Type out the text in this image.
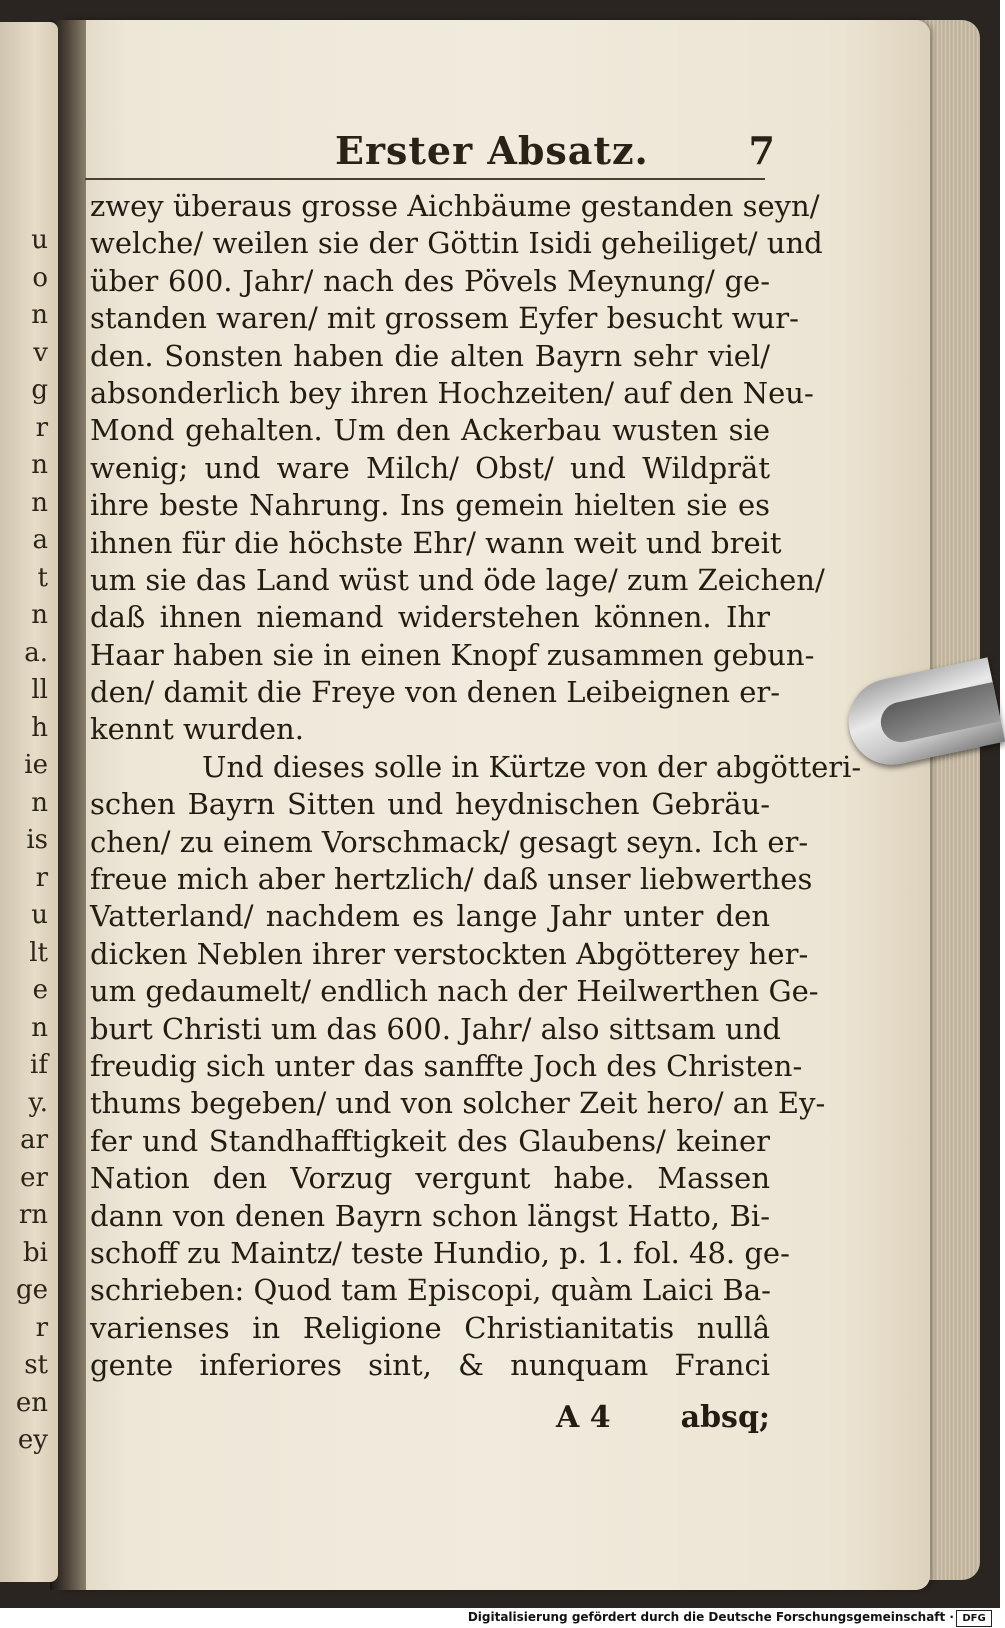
u
o
n
v
g
r
n
n
a
t
n
a.
ll
h
ie
n
is
r
u
lt
e
n
if
y.
ar
er
rn
bi
ge
r
st
en
ey
Erster Absatz.	7
zwey überaus grosse Aichbäume gestanden seyn/
welche/ weilen sie der Göttin Isidi geheiliget/ und
über 600. Jahr/ nach des Pövels Meynung/ ge-
standen waren/ mit grossem Eyfer besucht wur-
den. Sonsten haben die alten Bayrn sehr viel/
absonderlich bey ihren Hochzeiten/ auf den Neu-
Mond gehalten. Um den Ackerbau wusten sie
wenig; und ware Milch/ Obst/ und Wildprät
ihre beste Nahrung. Ins gemein hielten sie es
ihnen für die höchste Ehr/ wann weit und breit
um sie das Land wüst und öde lage/ zum Zeichen/
daß ihnen niemand widerstehen können. Ihr
Haar haben sie in einen Knopf zusammen gebun-
den/ damit die Freye von denen Leibeignen er-
kennt wurden.
Und dieses solle in Kürtze von der abgötteri-
schen Bayrn Sitten und heydnischen Gebräu-
chen/ zu einem Vorschmack/ gesagt seyn. Ich er-
freue mich aber hertzlich/ daß unser liebwerthes
Vatterland/ nachdem es lange Jahr unter den
dicken Neblen ihrer verstockten Abgötterey her-
um gedaumelt/ endlich nach der Heilwerthen Ge-
burt Christi um das 600. Jahr/ also sittsam und
freudig sich unter das sanffte Joch des Christen-
thums begeben/ und von solcher Zeit hero/ an Ey-
fer und Standhafftigkeit des Glaubens/ keiner
Nation den Vorzug vergunt habe. Massen
dann von denen Bayrn schon längst Hatto, Bi-
schoff zu Maintz/ teste Hundio, p. 1. fol. 48. ge-
schrieben: Quod tam Episcopi, quàm Laici Ba-
varienses in Religione Christianitatis nullâ
gente inferiores sint, & nunquam Franci
A 4 absq;
Digitalisierung gefördert durch die Deutsche Forschungsgemeinschaft · DFG
